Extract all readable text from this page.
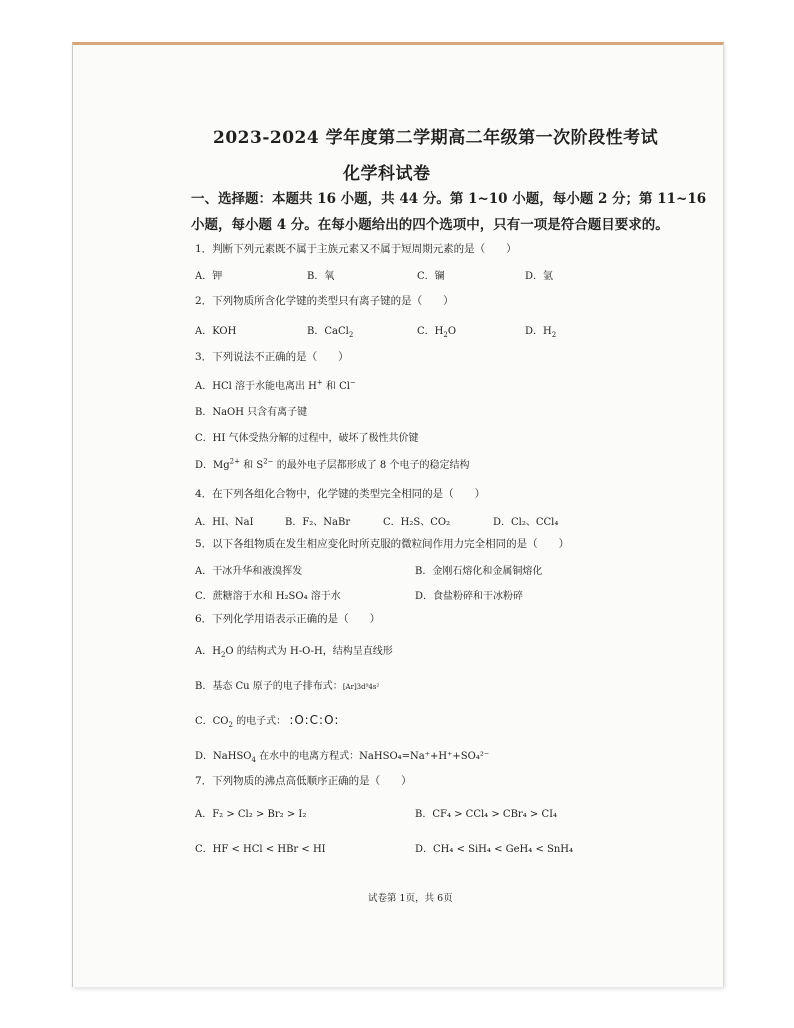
2023-2024 学年度第二学期高二年级第一次阶段性考试
化学科试卷
一、选择题：本题共 16 小题，共 44 分。第 1~10 小题，每小题 2 分；第 11~16
小题，每小题 4 分。在每小题给出的四个选项中，只有一项是符合题目要求的。
1．判断下列元素既不属于主族元素又不属于短周期元素的是（　　）
A．钾	B．氧	C．镧	D．氩
2．下列物质所含化学键的类型只有离子键的是（　　）
A．KOH	B．CaCl$_2$	C．$H_2O$	D．$H_2$
3．下列说法不正确的是（　　）
A．HCl 溶于水能电离出 H+ 和 Cl−
B．NaOH 只含有离子键
C．HI 气体受热分解的过程中，破坏了极性共价键
D．$Mg^{2+}$ 和 $S^{2-}$ 的最外电子层都形成了 8 个电子的稳定结构
4．在下列各组化合物中，化学键的类型完全相同的是（　　）
A．HI、NaI	B．F₂、NaBr	C．H₂S、CO₂	D．Cl₂、CCl₄
5．以下各组物质在发生相应变化时所克服的微粒间作用力完全相同的是（　　）
A．干冰升华和液溴挥发	B．金刚石熔化和金属铜熔化
C．蔗糖溶于水和 H₂SO₄ 溶于水	D．食盐粉碎和干冰粉碎
6．下列化学用语表示正确的是（　　）
A．$H_2O$ 的结构式为 H-O-H，结构呈直线形
B．基态 Cu 原子的电子排布式：[Ar]3d⁹4s²
C．$CO_2$ 的电子式： :O:C:O:
D．NaHSO$_4$ 在水中的电离方程式：NaHSO₄=Na⁺+H⁺+SO₄²⁻
7．下列物质的沸点高低顺序正确的是（　　）
A．F₂ > Cl₂ > Br₂ > I₂	B．CF₄ > CCl₄ > CBr₄ > CI₄
C．HF < HCl < HBr < HI	D．CH₄ < SiH₄ < GeH₄ < SnH₄
试卷第 1页，共 6页
